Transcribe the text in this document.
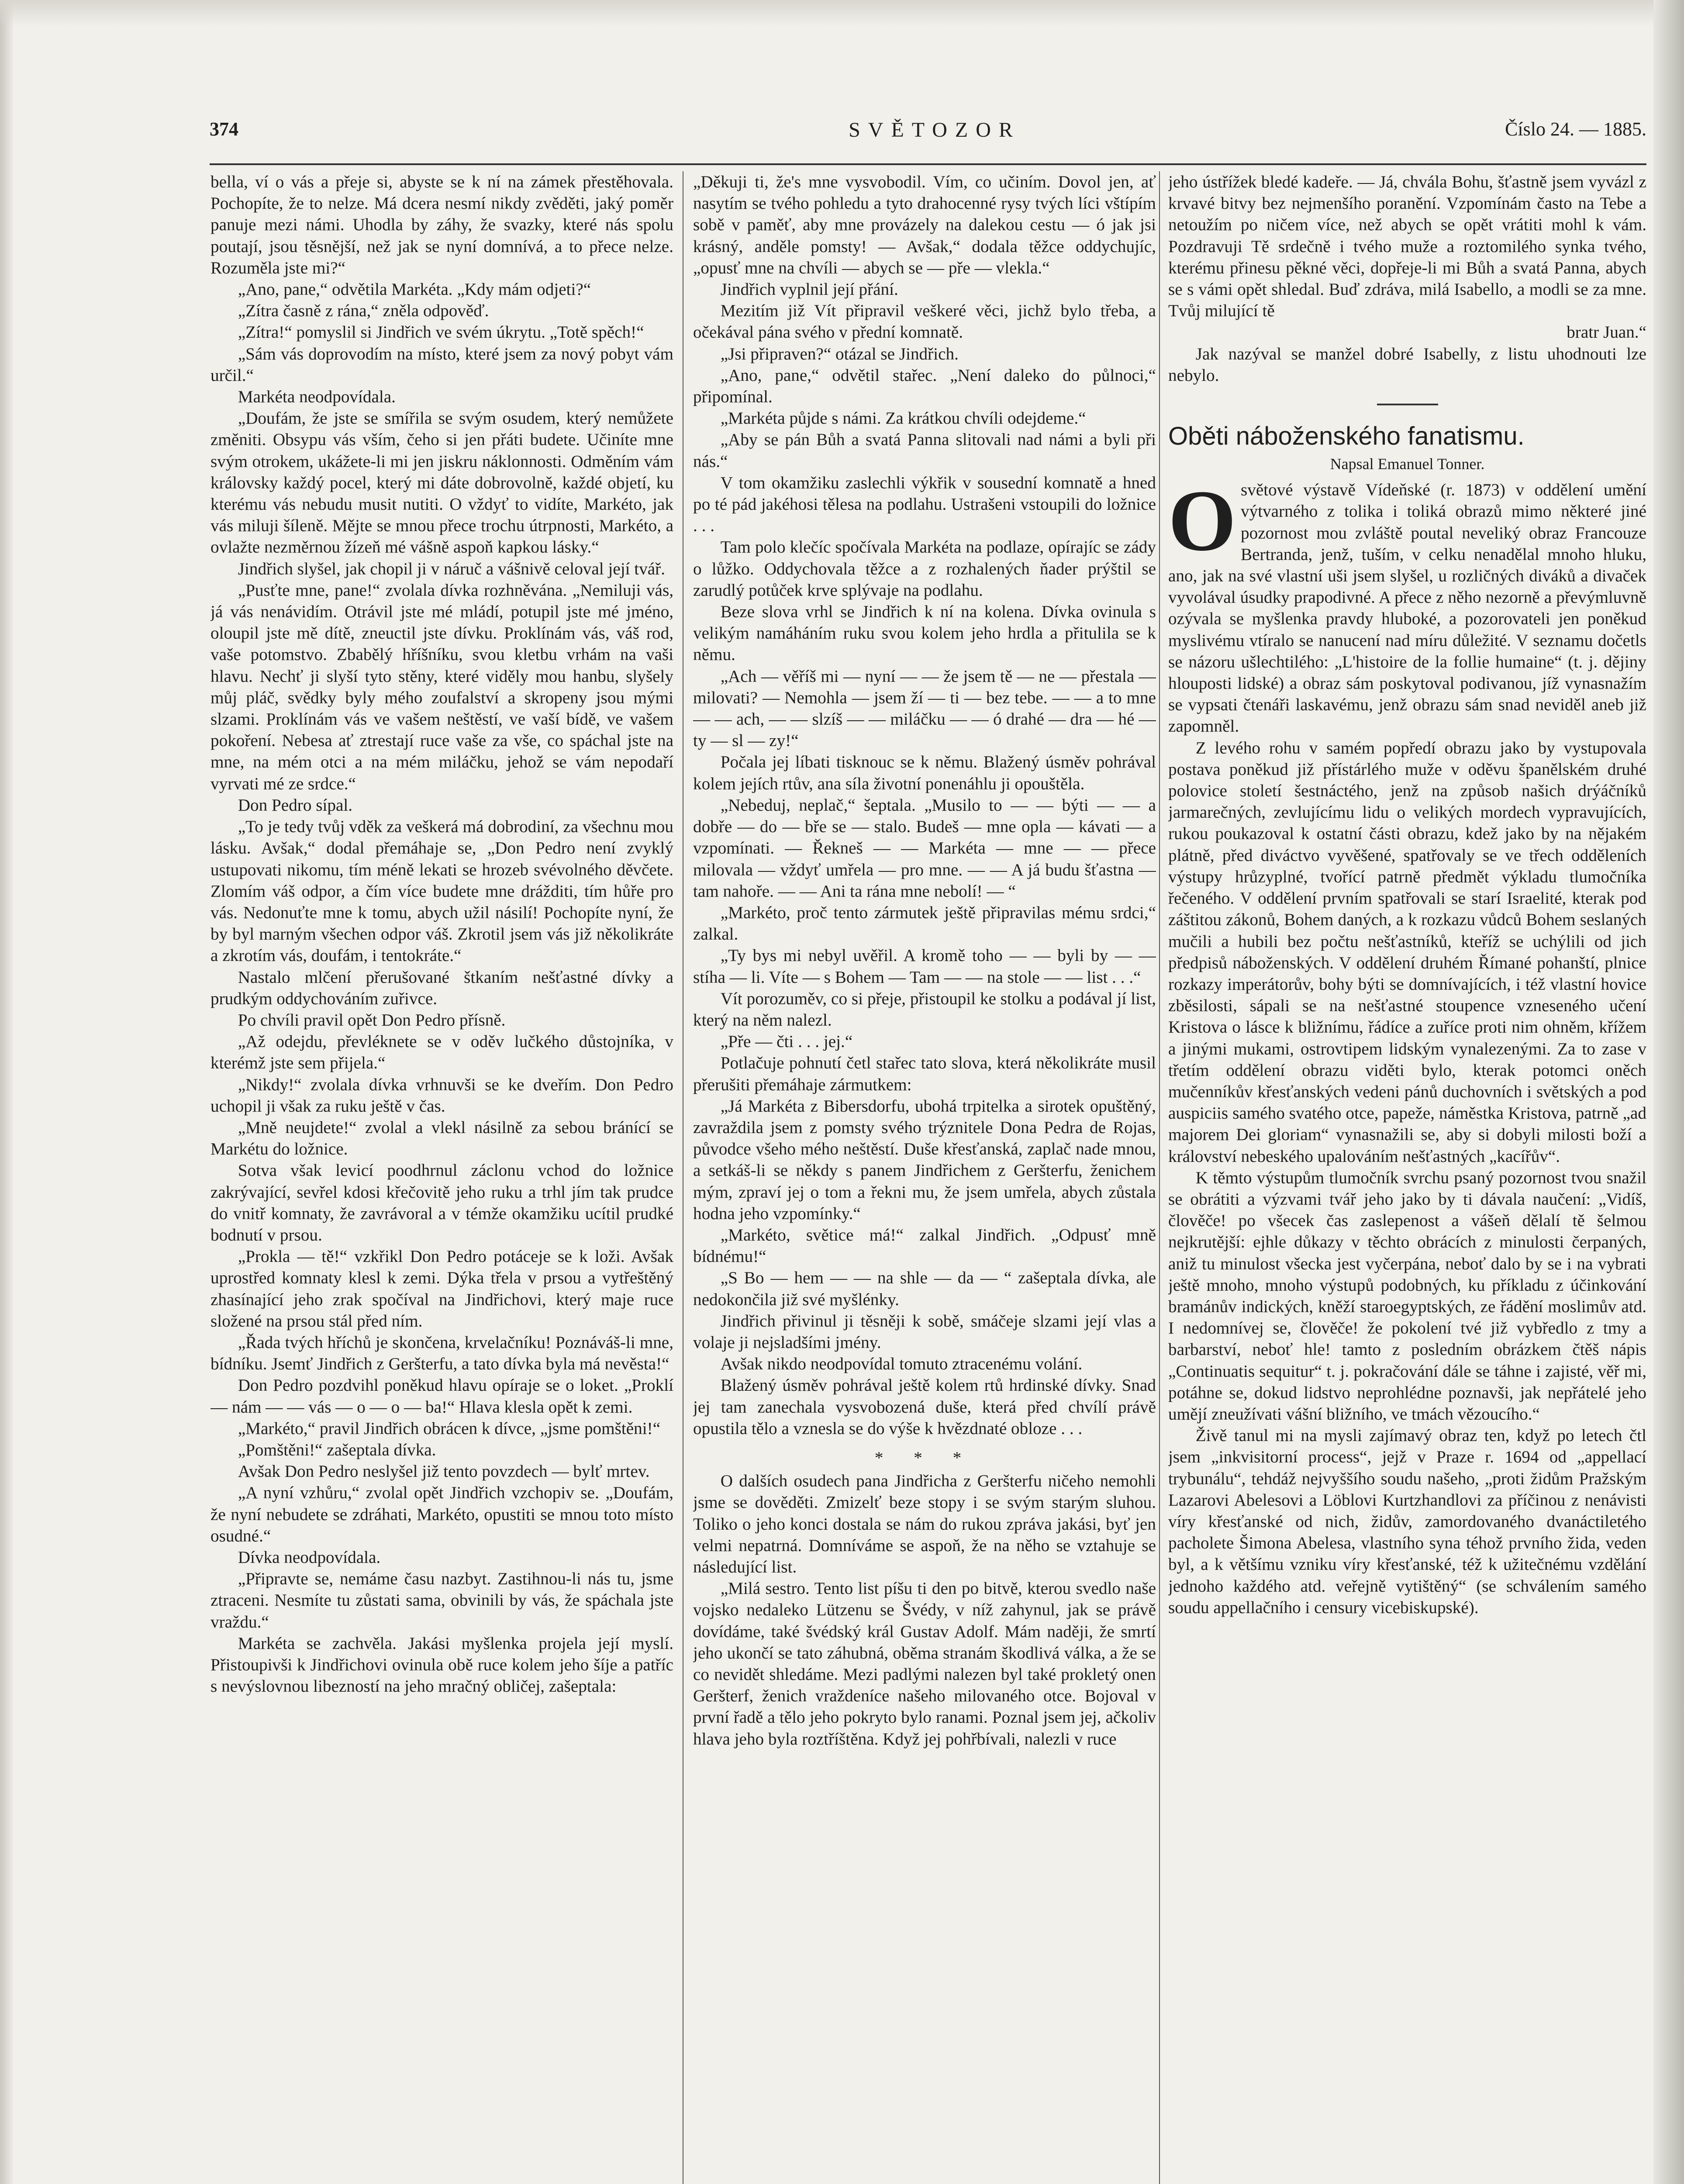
374	SVĚTOZOR	Číslo 24. — 1885.

bella, ví o vás a přeje si, abyste se k ní na zámek přestěhovala. Pochopíte, že to nelze. Má dcera nesmí nikdy zvěděti, jaký poměr panuje mezi námi. Uhodla by záhy, že svazky, které nás spolu poutají, jsou těsnější, než jak se nyní domnívá, a to přece nelze. Rozuměla jste mi?“

„Ano, pane,“ odvětila Markéta. „Kdy mám odjeti?“

„Zítra časně z rána,“ zněla odpověď.

„Zítra!“ pomyslil si Jindřich ve svém úkrytu. „Totě spěch!“

„Sám vás doprovodím na místo, které jsem za nový pobyt vám určil.“

Markéta neodpovídala.

„Doufám, že jste se smířila se svým osudem, který nemůžete změniti. Obsypu vás vším, čeho si jen přáti budete. Učiníte mne svým otrokem, ukážete-li mi jen jiskru náklonnosti. Odměním vám královsky každý pocel, který mi dáte dobrovolně, každé objetí, ku kterému vás nebudu musit nutiti. O vždyť to vidíte, Markéto, jak vás miluji šíleně. Mějte se mnou přece trochu útrpnosti, Markéto, a ovlažte nezměrnou žízeň mé vášně aspoň kapkou lásky.“

Jindřich slyšel, jak chopil ji v náruč a vášnivě celoval její tvář.

„Pusťte mne, pane!“ zvolala dívka rozhněvána. „Nemiluji vás, já vás nenávidím. Otrávil jste mé mládí, potupil jste mé jméno, oloupil jste mě dítě, zneuctil jste dívku. Proklínám vás, váš rod, vaše potomstvo. Zbabělý hříšníku, svou kletbu vrhám na vaši hlavu. Nechť ji slyší tyto stěny, které viděly mou hanbu, slyšely můj pláč, svědky byly mého zoufalství a skropeny jsou mými slzami. Proklínám vás ve vašem neštěstí, ve vaší bídě, ve vašem pokoření. Nebesa ať ztrestají ruce vaše za vše, co spáchal jste na mne, na mém otci a na mém miláčku, jehož se vám nepodaří vyrvati mé ze srdce.“

Don Pedro sípal.

„To je tedy tvůj vděk za veškerá má dobrodiní, za všechnu mou lásku. Avšak,“ dodal přemáhaje se, „Don Pedro není zvyklý ustupovati nikomu, tím méně lekati se hrozeb svévolného děvčete. Zlomím váš odpor, a čím více budete mne drážditi, tím hůře pro vás. Nedonuťte mne k tomu, abych užil násilí! Pochopíte nyní, že by byl marným všechen odpor váš. Zkrotil jsem vás již několikráte a zkrotím vás, doufám, i tentokráte.“

Nastalo mlčení přerušované štkaním nešťastné dívky a prudkým oddychováním zuřivce.

Po chvíli pravil opět Don Pedro přísně.

„Až odejdu, převléknete se v oděv lučkého důstojníka, v kterémž jste sem přijela.“

„Nikdy!“ zvolala dívka vrhnuvši se ke dveřím. Don Pedro uchopil ji však za ruku ještě v čas.

„Mně neujdete!“ zvolal a vlekl násilně za sebou bránící se Markétu do ložnice.

Sotva však levicí poodhrnul záclonu vchod do ložnice zakrývající, sevřel kdosi křečovitě jeho ruku a trhl jím tak prudce do vnitř komnaty, že zavrávoral a v témže okamžiku ucítil prudké bodnutí v prsou.

„Prokla — tě!“ vzkřikl Don Pedro potáceje se k loži. Avšak uprostřed komnaty klesl k zemi. Dýka třela v prsou a vytřeštěný zhasínající jeho zrak spočíval na Jindřichovi, který maje ruce složené na prsou stál před ním.

„Řada tvých hříchů je skončena, krvelačníku! Poznáváš-li mne, bídníku. Jsemť Jindřich z Geršterfu, a tato dívka byla má nevěsta!“

Don Pedro pozdvihl poněkud hlavu opíraje se o loket. „Proklí — nám — — vás — o — o — ba!“ Hlava klesla opět k zemi.

„Markéto,“ pravil Jindřich obrácen k dívce, „jsme pomštěni!“

„Pomštěni!“ zašeptala dívka.

Avšak Don Pedro neslyšel již tento povzdech — bylť mrtev.

„A nyní vzhůru,“ zvolal opět Jindřich vzchopiv se. „Doufám, že nyní nebudete se zdráhati, Markéto, opustiti se mnou toto místo osudné.“

Dívka neodpovídala.

„Připravte se, nemáme času nazbyt. Zastihnou-li nás tu, jsme ztraceni. Nesmíte tu zůstati sama, obvinili by vás, že spáchala jste vraždu.“

Markéta se zachvěla. Jakási myšlenka projela její myslí. Přistoupivši k Jindřichovi ovinula obě ruce kolem jeho šíje a patříc s nevýslovnou libezností na jeho mračný obličej, zašeptala:

„Děkuji ti, že's mne vysvobodil. Vím, co učiním. Dovol jen, ať nasytím se tvého pohledu a tyto drahocenné rysy tvých líci vštípím sobě v paměť, aby mne provázely na dalekou cestu — ó jak jsi krásný, anděle pomsty! — Avšak,“ dodala těžce oddychujíc, „opusť mne na chvíli — abych se — pře — vlekla.“

Jindřich vyplnil její přání.

Mezitím již Vít připravil veškeré věci, jichž bylo třeba, a očekával pána svého v přední komnatě.

„Jsi připraven?“ otázal se Jindřich.

„Ano, pane,“ odvětil stařec. „Není daleko do půlnoci,“ připomínal.

„Markéta půjde s námi. Za krátkou chvíli odejdeme.“

„Aby se pán Bůh a svatá Panna slitovali nad námi a byli při nás.“

V tom okamžiku zaslechli výkřik v sousední komnatě a hned po té pád jakéhosi tělesa na podlahu. Ustrašeni vstoupili do ložnice . . .

Tam polo klečíc spočívala Markéta na podlaze, opírajíc se zády o lůžko. Oddychovala těžce a z rozhalených ňader prýštil se zarudlý potůček krve splývaje na podlahu.

Beze slova vrhl se Jindřich k ní na kolena. Dívka ovinula s velikým namáháním ruku svou kolem jeho hrdla a přitulila se k němu.

„Ach — věříš mi — nyní — — že jsem tě — ne — přestala — milovati? — Nemohla — jsem ží — ti — bez tebe. — — a to mne — — ach, — — slzíš — — miláčku — — ó drahé — dra — hé — ty — sl — zy!“

Počala jej líbati tisknouc se k němu. Blažený úsměv pohrával kolem jejích rtův, ana síla životní ponenáhlu ji opouštěla.

„Nebeduj, neplač,“ šeptala. „Musilo to — — býti — — a dobře — do — bře se — stalo. Budeš — mne opla — kávati — a vzpomínati. — Řekneš — — Markéta — mne — — přece milovala — vždyť umřela — pro mne. — — A já budu šťastna — tam nahoře. — — Ani ta rána mne nebolí! — “

„Markéto, proč tento zármutek ještě připravilas mému srdci,“ zalkal.

„Ty bys mi nebyl uvěřil. A kromě toho — — byli by — — stíha — li. Víte — s Bohem — Tam — — na stole — — list . . .“

Vít porozuměv, co si přeje, přistoupil ke stolku a podával jí list, který na něm nalezl.

„Pře — čti . . . jej.“

Potlačuje pohnutí četl stařec tato slova, která několikráte musil přerušiti přemáhaje zármutkem:

„Já Markéta z Bibersdorfu, ubohá trpitelka a sirotek opuštěný, zavraždila jsem z pomsty svého trýznitele Dona Pedra de Rojas, původce všeho mého neštěstí. Duše křesťanská, zaplač nade mnou, a setkáš-li se někdy s panem Jindřichem z Geršterfu, ženichem mým, zpraví jej o tom a řekni mu, že jsem umřela, abych zůstala hodna jeho vzpomínky.“

„Markéto, světice má!“ zalkal Jindřich. „Odpusť mně bídnému!“

„S Bo — hem — — na shle — da — “ zašeptala dívka, ale nedokončila již své myšlénky.

Jindřich přivinul ji těsněji k sobě, smáčeje slzami její vlas a volaje ji nejsladšími jmény.

Avšak nikdo neodpovídal tomuto ztracenému volání.

Blažený úsměv pohrával ještě kolem rtů hrdinské dívky. Snad jej tam zanechala vysvobozená duše, která před chvílí právě opustila tělo a vznesla se do výše k hvězdnaté obloze . . .

* * *

O dalších osudech pana Jindřicha z Geršterfu ničeho nemohli jsme se dověděti. Zmizelť beze stopy i se svým starým sluhou. Toliko o jeho konci dostala se nám do rukou zpráva jakási, byť jen velmi nepatrná. Domníváme se aspoň, že na něho se vztahuje se následující list.

„Milá sestro. Tento list píšu ti den po bitvě, kterou svedlo naše vojsko nedaleko Lützenu se Švédy, v níž zahynul, jak se právě dovídáme, také švédský král Gustav Adolf. Mám naději, že smrtí jeho ukončí se tato záhubná, oběma stranám škodlivá válka, a že se co nevidět shledáme. Mezi padlými nalezen byl také prokletý onen Geršterf, ženich vraždeníce našeho milovaného otce. Bojoval v první řadě a tělo jeho pokryto bylo ranami. Poznal jsem jej, ačkoliv hlava jeho byla roztříštěna. Když jej pohřbívali, nalezli v ruce

jeho ústřížek bledé kadeře. — Já, chvála Bohu, šťastně jsem vyvázl z krvavé bitvy bez nejmenšího poranění. Vzpomínám často na Tebe a netoužím po ničem více, než abych se opět vrátiti mohl k vám. Pozdravuji Tě srdečně i tvého muže a roztomilého synka tvého, kterému přinesu pěkné věci, dopřeje-li mi Bůh a svatá Panna, abych se s vámi opět shledal. Buď zdráva, milá Isabello, a modli se za mne. Tvůj milující tě

bratr Juan.“

Jak nazýval se manžel dobré Isabelly, z listu uhodnouti lze nebylo.

Oběti náboženského fanatismu.
Napsal Emanuel Tonner.
O světové výstavě Vídeňské (r. 1873) v oddělení umění výtvarného z tolika i toliká obrazů mimo některé jiné pozornost mou zvláště poutal neveliký obraz Francouze Bertranda, jenž, tuším, v celku nenadělal mnoho hluku, ano, jak na své vlastní uši jsem slyšel, u rozličných diváků a divaček vyvolával úsudky prapodivné. A přece z něho nezorně a převýmluvně ozývala se myšlenka pravdy hluboké, a pozorovateli jen poněkud myslivému vtíralo se nanucení nad míru důležité. V seznamu dočetls se názoru ušlechtilého: „L'histoire de la follie humaine“ (t. j. dějiny hlouposti lidské) a obraz sám poskytoval podivanou, jíž vynasnažím se vypsati čtenáři laskavému, jenž obrazu sám snad neviděl aneb již zapomněl.

Z levého rohu v samém popředí obrazu jako by vystupovala postava poněkud již přístárlého muže v oděvu španělském druhé polovice století šestnáctého, jenž na způsob našich drýáčníků jarmarečných, zevlujícímu lidu o velikých mordech vypravujících, rukou poukazoval k ostatní části obrazu, kdež jako by na nějakém plátně, před diváctvo vyvěšené, spatřovaly se ve třech odděleních výstupy hrůzyplné, tvořící patrně předmět výkladu tlumočníka řečeného. V oddělení prvním spatřovali se starí Israelité, kterak pod záštitou zákonů, Bohem daných, a k rozkazu vůdců Bohem seslaných mučili a hubili bez počtu nešťastníků, kteříž se uchýlili od jich předpisů náboženských. V oddělení druhém Římané pohanští, plnice rozkazy imperátorův, bohy býti se domnívajících, i též vlastní hovice zběsilosti, sápali se na nešťastné stoupence vzneseného učení Kristova o lásce k bližnímu, řádíce a zuříce proti nim ohněm, křížem a jinými mukami, ostrovtipem lidským vynalezenými. Za to zase v třetím oddělení obrazu viděti bylo, kterak potomci oněch mučenníkův křesťanských vedeni pánů duchovních i světských a pod auspiciis samého svatého otce, papeže, náměstka Kristova, patrně „ad majorem Dei gloriam“ vynasnažili se, aby si dobyli milosti boží a království nebeského upalováním nešťastných „kacířův“.

K těmto výstupům tlumočník svrchu psaný pozornost tvou snažil se obrátiti a výzvami tvář jeho jako by ti dávala naučení: „Vidíš, člověče! po všecek čas zaslepenost a vášeň dělalí tě šelmou nejkrutější: ejhle důkazy v těchto obrácích z minulosti čerpaných, aniž tu minulost všecka jest vyčerpána, neboť dalo by se i na vybrati ještě mnoho, mnoho výstupů podobných, ku příkladu z účinkování bramánův indických, kněží staroegyptských, ze řádění moslimův atd. I nedomnívej se, člověče! že pokolení tvé již vybředlo z tmy a barbarství, neboť hle! tamto z posledním obrázkem čtěš nápis „Continuatis sequitur“ t. j. pokračování dále se táhne i zajisté, věř mi, potáhne se, dokud lidstvo neprohlédne poznavši, jak nepřátelé jeho umějí zneužívati vášní bližního, ve tmách vězoucího.“

Živě tanul mi na mysli zajímavý obraz ten, když po letech čtl jsem „inkvisitorní process“, jejž v Praze r. 1694 od „appellací trybunálu“, tehdáž nejvyššího soudu našeho, „proti židům Pražským Lazarovi Abelesovi a Löblovi Kurtzhandlovi za příčinou z nenávisti víry křesťanské od nich, židův, zamordovaného dvanáctiletého pacholete Šimona Abelesa, vlastního syna téhož prvního žida, veden byl, a k většímu vzniku víry křesťanské, též k užitečnému vzdělání jednoho každého atd. veřejně vytištěný“ (se schválením samého soudu appellačního i censury vicebiskupské).
